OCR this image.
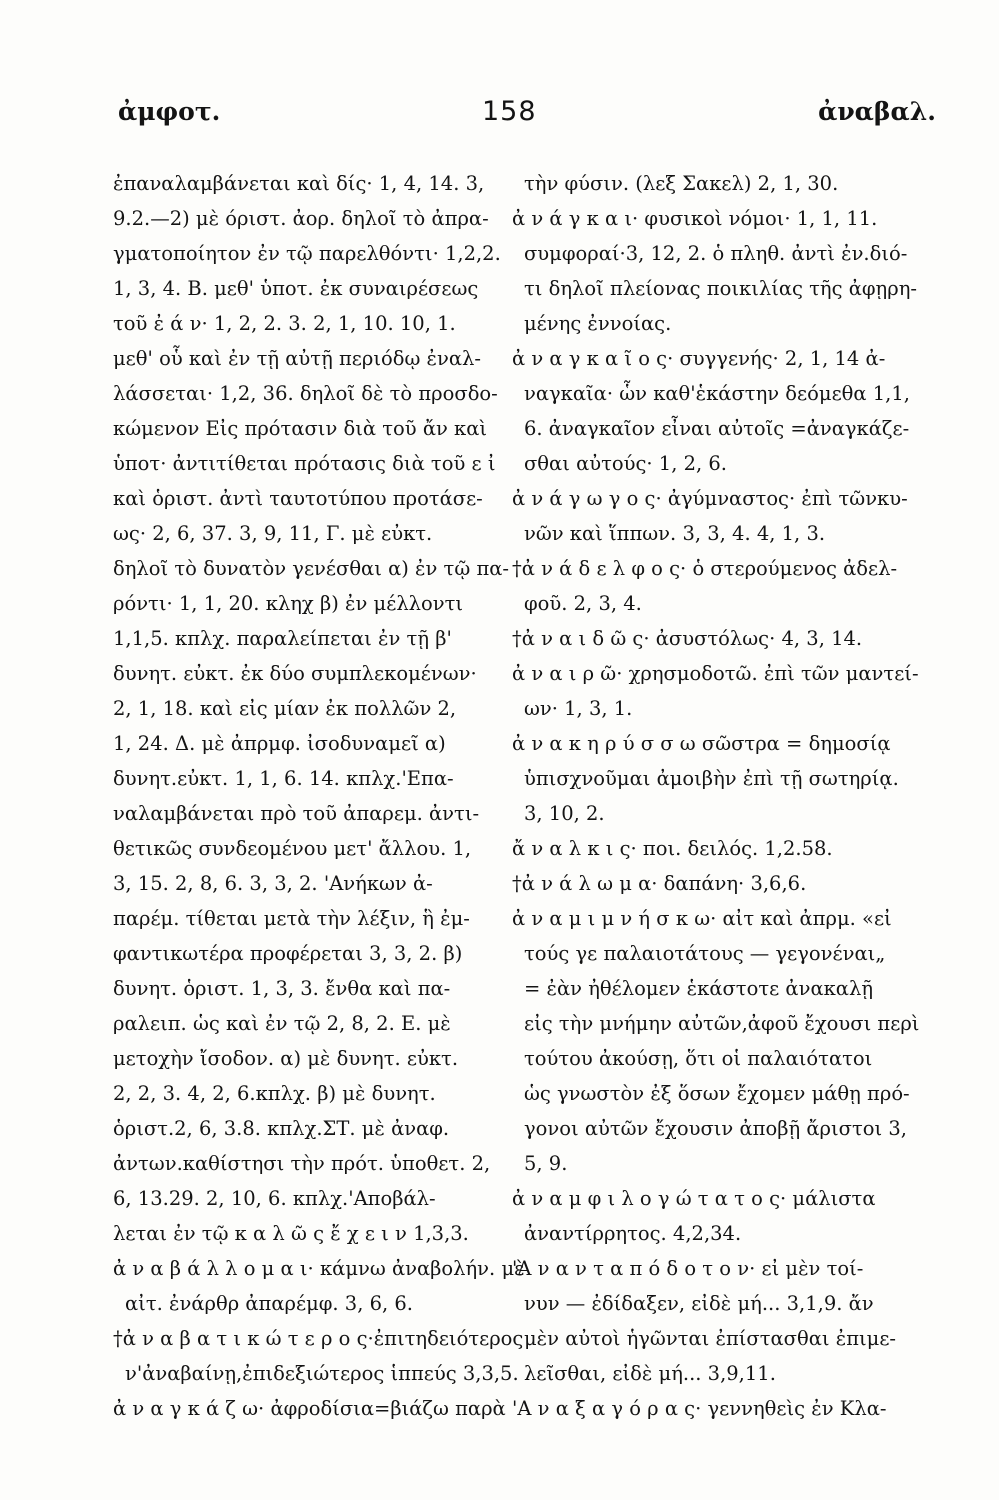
ἀμφοτ.	158	ἀναβαλ.
ἐπαναλαμβάνεται καὶ δίς· 1, 4, 14. 3,
9.2.—2) μὲ όριστ. ἀορ. δηλοῖ τὸ ἀπρα-
γματοποίητον ἐν τῷ παρελθόντι· 1,2,2.
1, 3, 4. Β. μεθ' ὑποτ. ἐκ συναιρέσεως
τοῦ ἐ ά ν· 1, 2, 2. 3. 2, 1, 10. 10, 1.
μεθ' οὗ καὶ ἐν τῇ αὐτῇ περιόδῳ ἐναλ-
λάσσεται· 1,2, 36. δηλοῖ δὲ τὸ προσδο-
κώμενον Εἰς πρότασιν διὰ τοῦ ἄν καὶ
ὑποτ· ἀντιτίθεται πρότασις διὰ τοῦ ε ἰ
καὶ ὁριστ. ἀντὶ ταυτοτύπου προτάσε-
ως· 2, 6, 37. 3, 9, 11, Γ. μὲ εὐκτ.
δηλοῖ τὸ δυνατὸν γενέσθαι α) ἐν τῷ πα-
ρόντι· 1, 1, 20. κληχ β) ἐν μέλλοντι
1,1,5. κπλχ. παραλείπεται ἐν τῇ β'
δυνητ. εὐκτ. ἐκ δύο συμπλεκομένων·
2, 1, 18. καὶ εἰς μίαν ἐκ πολλῶν 2,
1, 24. Δ. μὲ ἀπρμφ. ἰσοδυναμεῖ α)
δυνητ.εὐκτ. 1, 1, 6. 14. κπλχ.'Επα-
ναλαμβάνεται πρὸ τοῦ ἀπαρεμ. ἀντι-
θετικῶς συνδεομένου μετ' ἄλλου. 1,
3, 15. 2, 8, 6. 3, 3, 2. 'Ανήκων ἀ-
παρέμ. τίθεται μετὰ τὴν λέξιν, ἣ ἐμ-
φαντικωτέρα προφέρεται 3, 3, 2. β)
δυνητ. ὁριστ. 1, 3, 3. ἔνθα καὶ πα-
ραλειπ. ὡς καὶ ἐν τῷ 2, 8, 2. Ε. μὲ
μετοχὴν ἴσοδον. α) μὲ δυνητ. εὐκτ.
2, 2, 3. 4, 2, 6.κπλχ. β) μὲ δυνητ.
ὁριστ.2, 6, 3.8. κπλχ.ΣΤ. μὲ ἀναφ.
ἀντων.καθίστησι τὴν πρότ. ὑποθετ. 2,
6, 13.29. 2, 10, 6. κπλχ.'Αποβάλ-
λεται ἐν τῷ κ α λ ῶ ς ἔ χ ε ι ν 1,3,3.
ἀ ν α β ά λ λ ο μ α ι· κάμνω ἀναβολήν. μὲ
αἰτ. ἐνάρθρ ἀπαρέμφ. 3, 6, 6.
†ἀ ν α β α τ ι κ ώ τ ε ρ ο ς·ἐπιτηδειότερος
ν'ἀναβαίνῃ,ἐπιδεξιώτερος ἱππεύς 3,3,5.
ἀ ν α γ κ ά ζ ω· ἀφροδίσια=βιάζω παρὰ
τὴν φύσιν. (λεξ Σακελ) 2, 1, 30.
ἀ ν ά γ κ α ι· φυσικοὶ νόμοι· 1, 1, 11.
συμφοραί·3, 12, 2. ὁ πληθ. ἀντὶ ἐν.διό-
τι δηλοῖ πλείονας ποικιλίας τῆς ἀφῃρη-
μένης ἐννοίας.
ἀ ν α γ κ α ῖ ο ς· συγγενής· 2, 1, 14 ἀ-
ναγκαῖα· ὧν καθ'ἑκάστην δεόμεθα 1,1,
6. ἀναγκαῖον εἶναι αὐτοῖς =ἀναγκάζε-
σθαι αὐτούς· 1, 2, 6.
ἀ ν ά γ ω γ ο ς· ἀγύμναστος· ἐπὶ τῶνκυ-
νῶν καὶ ἵππων. 3, 3, 4. 4, 1, 3.
†ἀ ν ά δ ε λ φ ο ς· ὁ στερούμενος ἀδελ-
φοῦ. 2, 3, 4.
†ἀ ν α ι δ ῶ ς· ἀσυστόλως· 4, 3, 14.
ἀ ν α ι ρ ῶ· χρησμοδοτῶ. ἐπὶ τῶν μαντεί-
ων· 1, 3, 1.
ἀ ν α κ η ρ ύ σ σ ω σῶστρα = δημοσίᾳ
ὑπισχνοῦμαι ἀμοιβὴν ἐπὶ τῇ σωτηρίᾳ.
3, 10, 2.
ἄ ν α λ κ ι ς· ποι. δειλός. 1,2.58.
†ἀ ν ά λ ω μ α· δαπάνη· 3,6,6.
ἀ ν α μ ι μ ν ή σ κ ω· αἰτ καὶ ἀπρμ. «εἰ
τούς γε παλαιοτάτους — γεγονέναι„
= ἐὰν ἠθέλομεν ἑκάστοτε ἀνακαλῇ
εἰς τὴν μνήμην αὐτῶν,ἀφοῦ ἔχουσι περὶ
τούτου ἀκούσῃ, ὅτι οἱ παλαιότατοι
ὡς γνωστὸν ἐξ ὅσων ἔχομεν μάθῃ πρό-
γονοι αὐτῶν ἔχουσιν ἀποβῇ ἄριστοι 3,
5, 9.
ἀ ν α μ φ ι λ ο γ ώ τ α τ ο ς· μάλιστα
ἀναντίρρητος. 4,2,34.
'Α ν α ν τ α π ό δ ο τ ο ν· εἰ μὲν τοί-
νυν — ἐδίδαξεν, εἰδὲ μή... 3,1,9. ἄν
μὲν αὐτοὶ ἡγῶνται ἐπίστασθαι ἐπιμε-
λεῖσθαι, εἰδὲ μή... 3,9,11.
'Α ν α ξ α γ ό ρ α ς· γεννηθεὶς ἐν Κλα-
